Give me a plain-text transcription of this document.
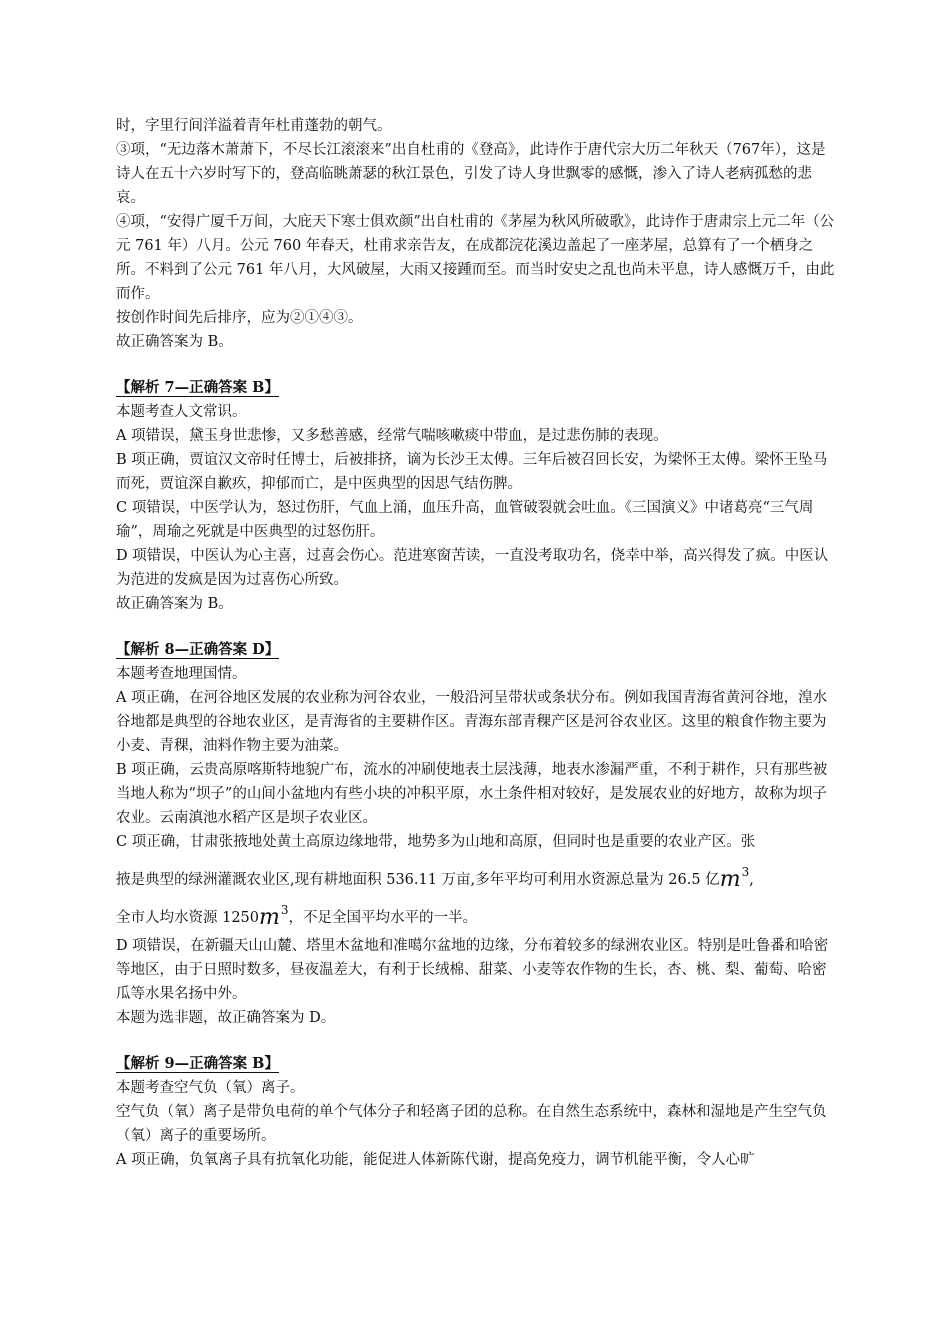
时，字里行间洋溢着青年杜甫蓬勃的朝气。

③项，“无边落木萧萧下，不尽长江滚滚来”出自杜甫的《登高》，此诗作于唐代宗大历二年秋天（767年），这是诗人在五十六岁时写下的，登高临眺萧瑟的秋江景色，引发了诗人身世飘零的感慨，渗入了诗人老病孤愁的悲哀。

④项，“安得广厦千万间，大庇天下寒士俱欢颜”出自杜甫的《茅屋为秋风所破歌》，此诗作于唐肃宗上元二年（公元 761 年）八月。公元 760 年春天，杜甫求亲告友，在成都浣花溪边盖起了一座茅屋，总算有了一个栖身之所。不料到了公元 761 年八月，大风破屋，大雨又接踵而至。而当时安史之乱也尚未平息，诗人感慨万千，由此而作。

按创作时间先后排序，应为②①④③。

故正确答案为 B。

【解析 7—正确答案 B】

本题考查人文常识。

A 项错误，黛玉身世悲惨，又多愁善感，经常气喘咳嗽痰中带血，是过悲伤肺的表现。

B 项正确，贾谊汉文帝时任博士，后被排挤，谪为长沙王太傅。三年后被召回长安，为梁怀王太傅。梁怀王坠马而死，贾谊深自歉疚，抑郁而亡，是中医典型的因思气结伤脾。

C 项错误，中医学认为，怒过伤肝，气血上涌，血压升高，血管破裂就会吐血。《三国演义》中诸葛亮“三气周瑜”，周瑜之死就是中医典型的过怒伤肝。

D 项错误，中医认为心主喜，过喜会伤心。范进寒窗苦读，一直没考取功名，侥幸中举，高兴得发了疯。中医认为范进的发疯是因为过喜伤心所致。

故正确答案为 B。

【解析 8—正确答案 D】

本题考查地理国情。

A 项正确，在河谷地区发展的农业称为河谷农业，一般沿河呈带状或条状分布。例如我国青海省黄河谷地，湟水谷地都是典型的谷地农业区，是青海省的主要耕作区。青海东部青稞产区是河谷农业区。这里的粮食作物主要为小麦、青稞，油料作物主要为油菜。

B 项正确，云贵高原喀斯特地貌广布，流水的冲刷使地表土层浅薄，地表水渗漏严重，不利于耕作，只有那些被当地人称为“坝子”的山间小盆地内有些小块的冲积平原，水土条件相对较好，是发展农业的好地方，故称为坝子农业。云南滇池水稻产区是坝子农业区。

C 项正确，甘肃张掖地处黄土高原边缘地带，地势多为山地和高原，但同时也是重要的农业产区。张

掖是典型的绿洲灌溉农业区,现有耕地面积 536.11 万亩,多年平均可利用水资源总量为 26.5 亿$m^3$,

全市人均水资源 $1250m^3$，不足全国平均水平的一半。

D 项错误，在新疆天山山麓、塔里木盆地和准噶尔盆地的边缘，分布着较多的绿洲农业区。特别是吐鲁番和哈密等地区，由于日照时数多，昼夜温差大，有利于长绒棉、甜菜、小麦等农作物的生长，杏、桃、梨、葡萄、哈密瓜等水果名扬中外。

本题为选非题，故正确答案为 D。

【解析 9—正确答案 B】

本题考查空气负（氧）离子。

空气负（氧）离子是带负电荷的单个气体分子和轻离子团的总称。在自然生态系统中，森林和湿地是产生空气负（氧）离子的重要场所。

A 项正确，负氧离子具有抗氧化功能，能促进人体新陈代谢，提高免疫力，调节机能平衡，令人心旷
